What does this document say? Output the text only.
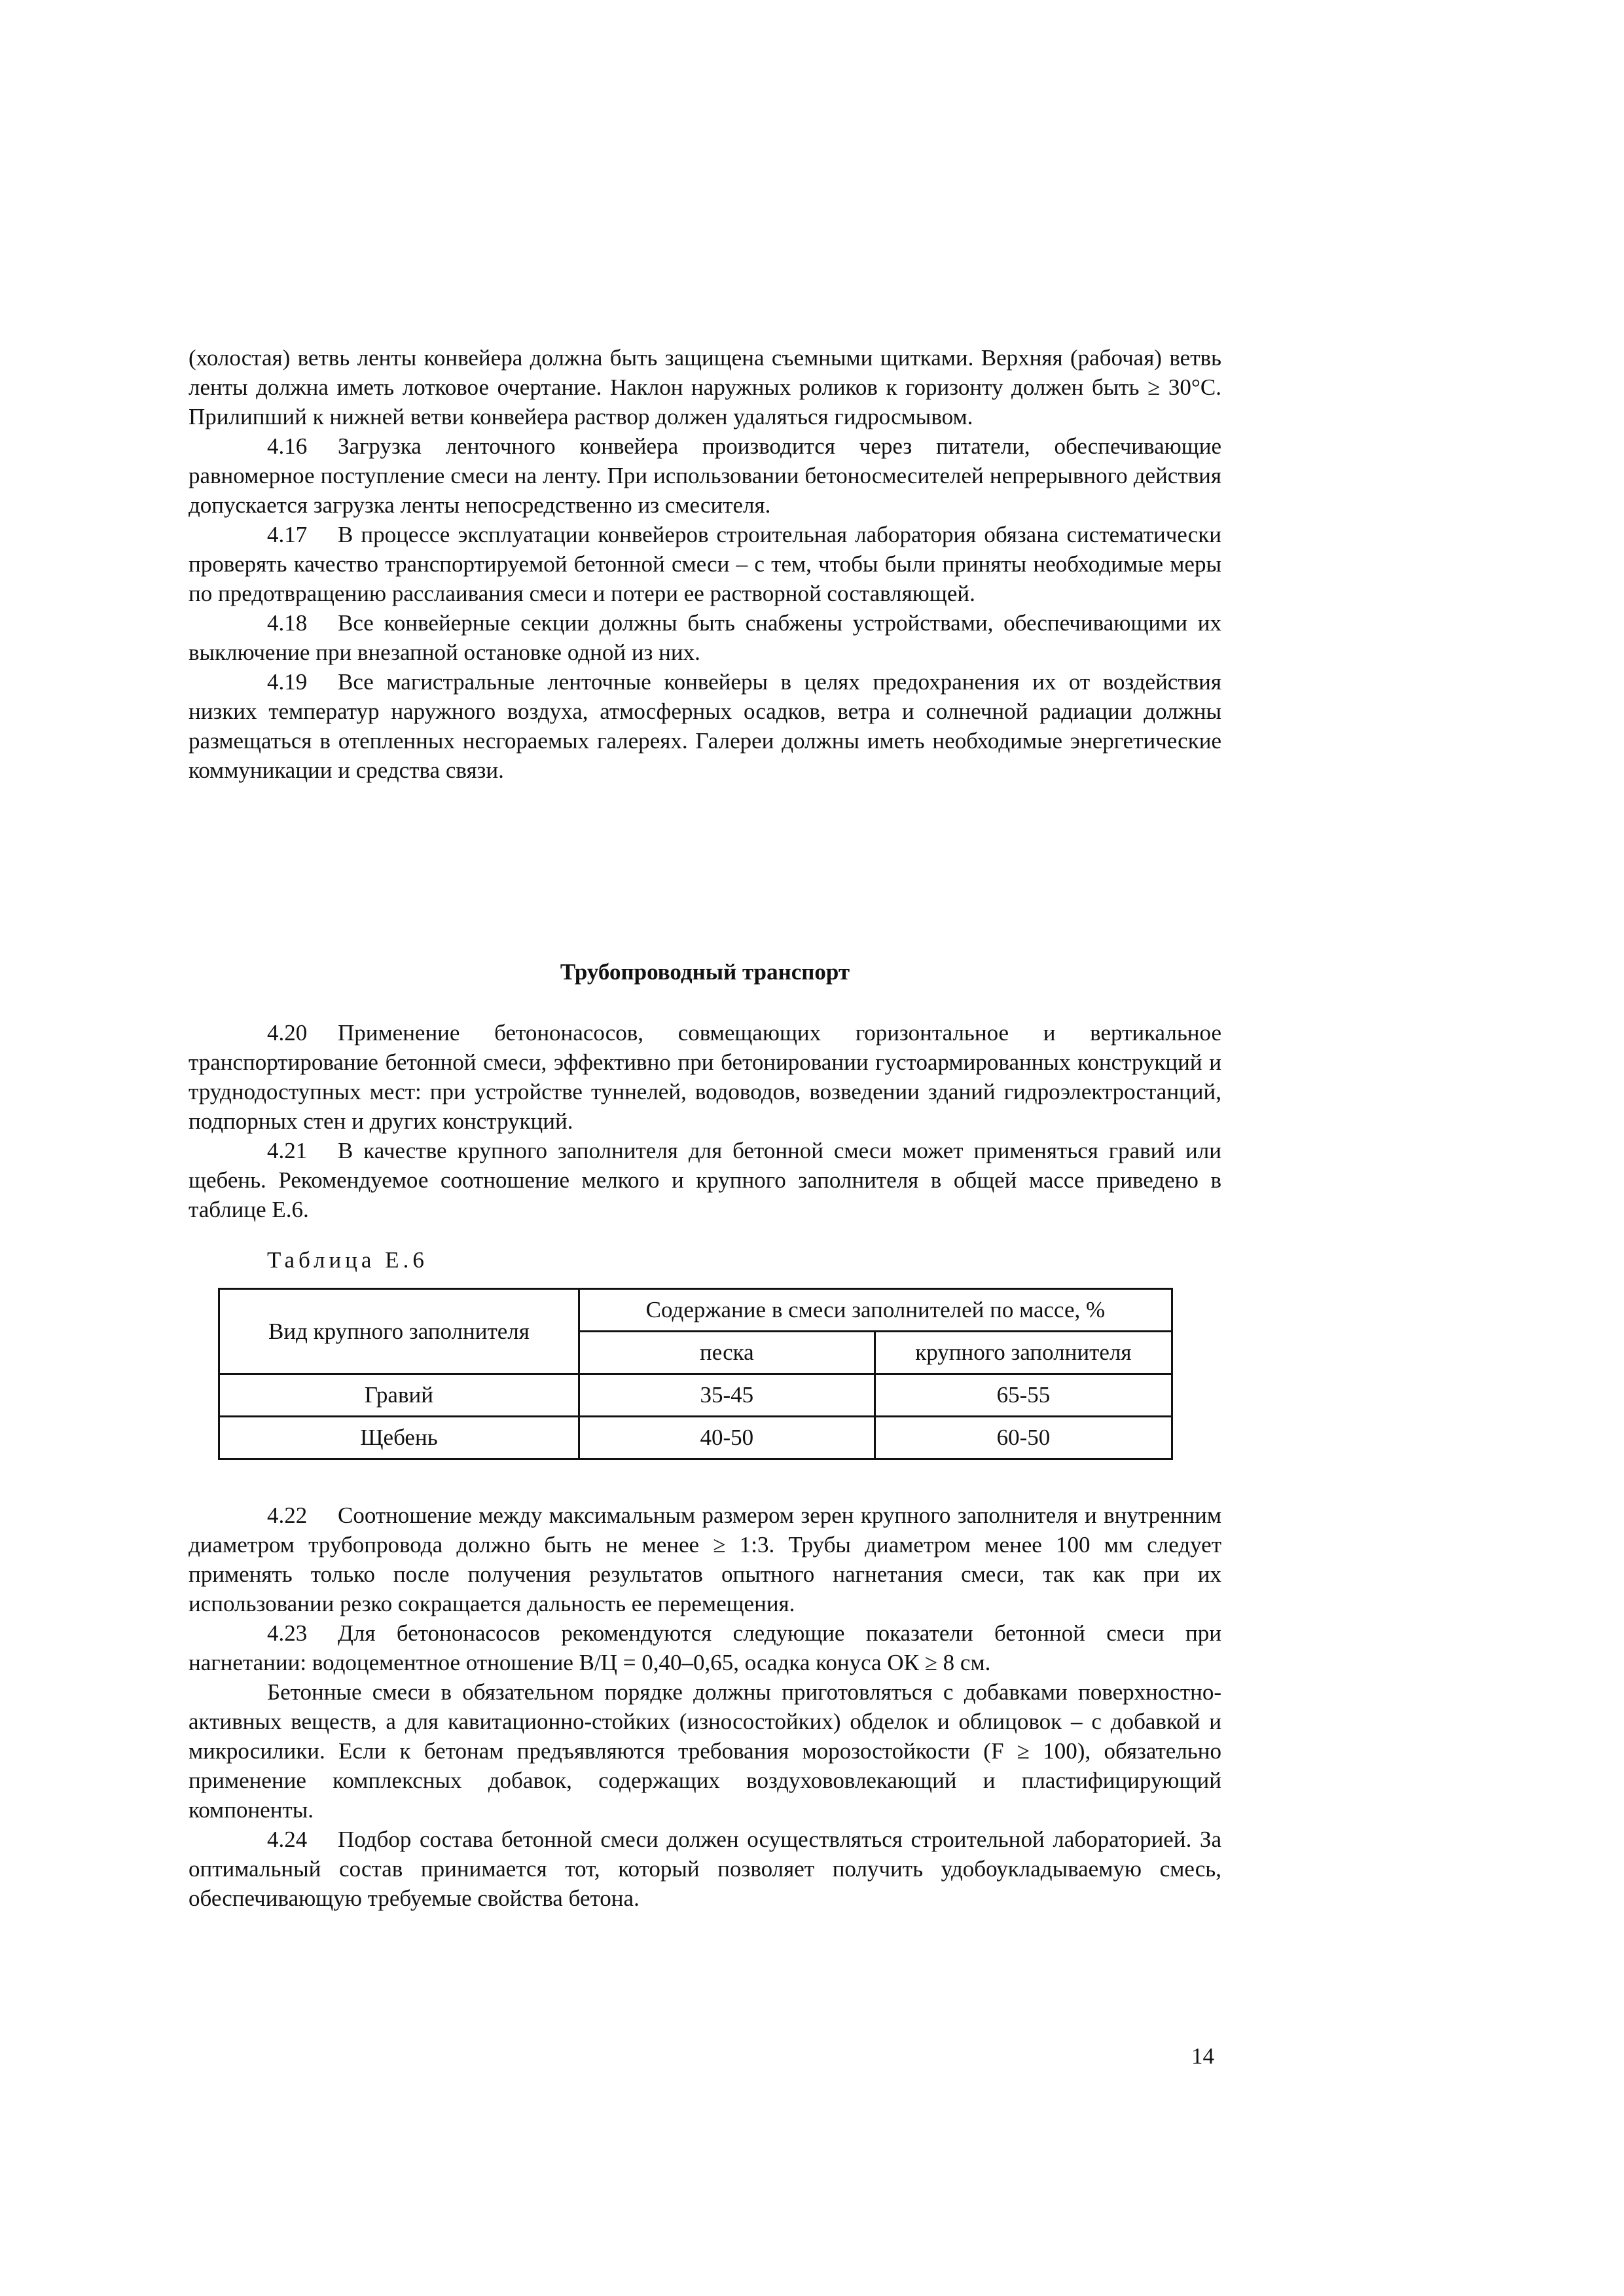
(холостая) ветвь ленты конвейера должна быть защищена съемными щитками. Верхняя (рабочая) ветвь ленты должна иметь лотковое очертание. Наклон наружных роликов к горизонту должен быть ≥ 30°С. Прилипший к нижней ветви конвейера раствор должен удаляться гидросмывом.

4.16 Загрузка ленточного конвейера производится через питатели, обеспечивающие равномерное поступление смеси на ленту. При использовании бетоносмесителей непрерывного действия допускается загрузка ленты непосредственно из смесителя.

4.17 В процессе эксплуатации конвейеров строительная лаборатория обязана систематически проверять качество транспортируемой бетонной смеси – с тем, чтобы были приняты необходимые меры по предотвращению расслаивания смеси и потери ее растворной составляющей.

4.18 Все конвейерные секции должны быть снабжены устройствами, обеспечивающими их выключение при внезапной остановке одной из них.

4.19 Все магистральные ленточные конвейеры в целях предохранения их от воздействия низких температур наружного воздуха, атмосферных осадков, ветра и солнечной радиации должны размещаться в отепленных несгораемых галереях. Галереи должны иметь необходимые энергетические коммуникации и средства связи.

Трубопроводный транспорт

4.20 Применение бетононасосов, совмещающих горизонтальное и вертикальное транспортирование бетонной смеси, эффективно при бетонировании густоармированных конструкций и труднодоступных мест: при устройстве туннелей, водоводов, возведении зданий гидроэлектростанций, подпорных стен и других конструкций.

4.21 В качестве крупного заполнителя для бетонной смеси может применяться гравий или щебень. Рекомендуемое соотношение мелкого и крупного заполнителя в общей массе приведено в таблице Е.6.

Таблица Е.6
Вид крупного заполнителя	Содержание в смеси заполнителей по массе, %	
	песка	крупного заполнителя
Гравий	35-45	65-55
Щебень	40-50	60-50

4.22 Соотношение между максимальным размером зерен крупного заполнителя и внутренним диаметром трубопровода должно быть не менее ≥ 1:3. Трубы диаметром менее 100 мм следует применять только после получения результатов опытного нагнетания смеси, так как при их использовании резко сокращается дальность ее перемещения.

4.23 Для бетононасосов рекомендуются следующие показатели бетонной смеси при нагнетании: водоцементное отношение В/Ц = 0,40–0,65, осадка конуса ОК ≥ 8 см.

Бетонные смеси в обязательном порядке должны приготовляться с добавками поверхностно-активных веществ, а для кавитационно-стойких (износостойких) обделок и облицовок – с добавкой и микросилики. Если к бетонам предъявляются требования морозостойкости (F ≥ 100), обязательно применение комплексных добавок, содержащих воздухововлекающий и пластифицирующий компоненты.

4.24 Подбор состава бетонной смеси должен осуществляться строительной лабораторией. За оптимальный состав принимается тот, который позволяет получить удобоукладываемую смесь, обеспечивающую требуемые свойства бетона.

14
